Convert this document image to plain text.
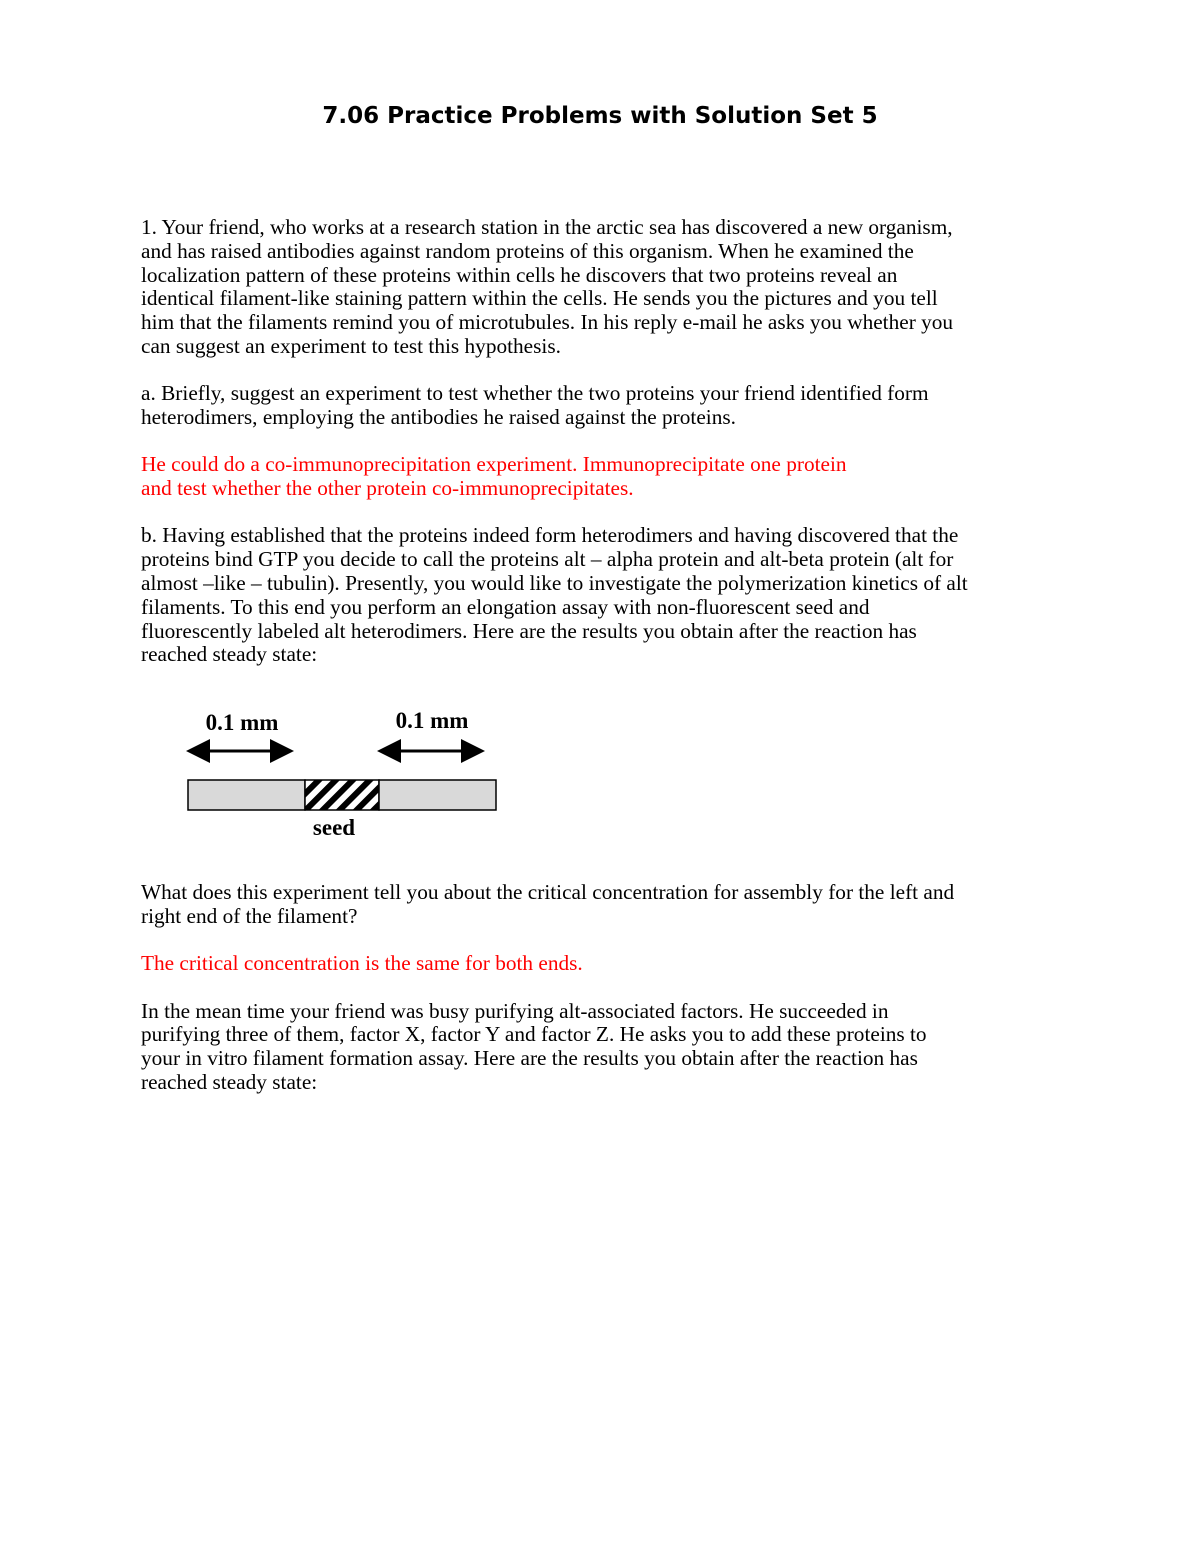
7.06 Practice Problems with Solution Set 5

1. Your friend, who works at a research station in the arctic sea has discovered a new organism,
and has raised antibodies against random proteins of this organism. When he examined the
localization pattern of these proteins within cells he discovers that two proteins reveal an
identical filament-like staining pattern within the cells. He sends you the pictures and you tell
him that the filaments remind you of microtubules. In his reply e-mail he asks you whether you
can suggest an experiment to test this hypothesis.

a. Briefly, suggest an experiment to test whether the two proteins your friend identified form
heterodimers, employing the antibodies he raised against the proteins.

He could do a co-immunoprecipitation experiment. Immunoprecipitate one protein
and test whether the other protein co-immunoprecipitates.

b. Having established that the proteins indeed form heterodimers and having discovered that the
proteins bind GTP you decide to call the proteins alt – alpha protein and alt-beta protein (alt for
almost –like – tubulin). Presently, you would like to investigate the polymerization kinetics of alt
filaments. To this end you perform an elongation assay with non-fluorescent seed and
fluorescently labeled alt heterodimers. Here are the results you obtain after the reaction has
reached steady state:

0.1 mm	0.1 mm
seed

What does this experiment tell you about the critical concentration for assembly for the left and
right end of the filament?

The critical concentration is the same for both ends.

In the mean time your friend was busy purifying alt-associated factors. He succeeded in
purifying three of them, factor X, factor Y and factor Z. He asks you to add these proteins to
your in vitro filament formation assay. Here are the results you obtain after the reaction has
reached steady state:
